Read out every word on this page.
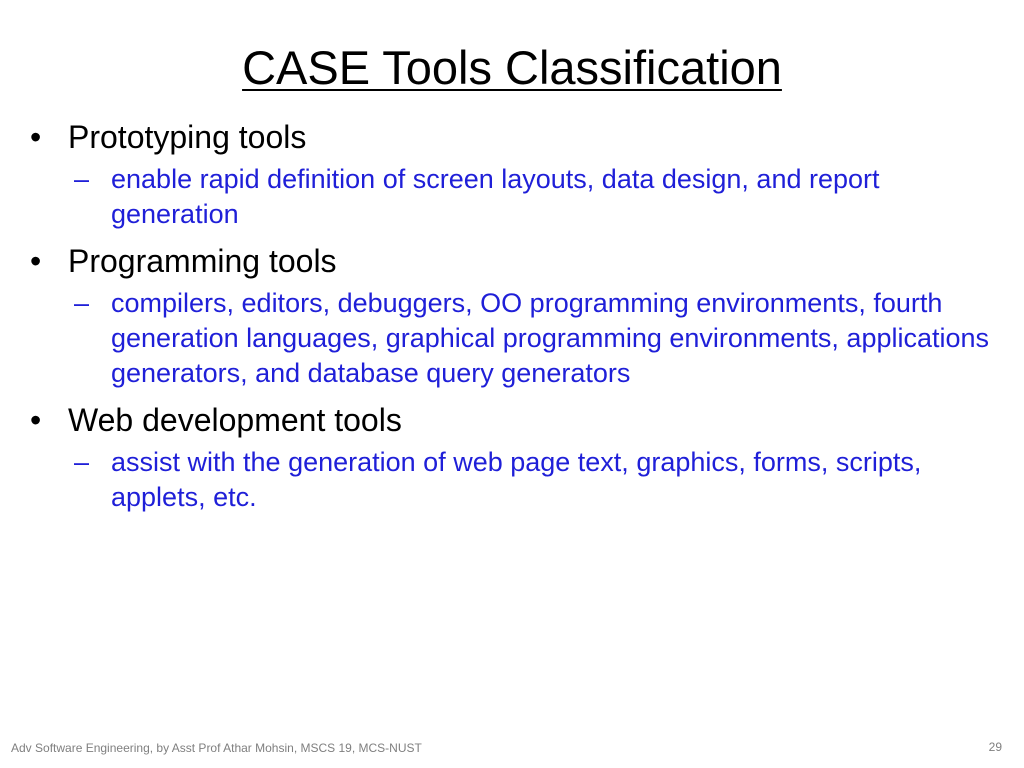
CASE Tools Classification
• Prototyping tools
– enable rapid definition of screen layouts, data design, and report generation
• Programming tools
– compilers, editors, debuggers, OO programming environments, fourth generation languages, graphical programming environments, applications generators, and database query generators
• Web development tools
– assist with the generation of web page text, graphics, forms, scripts, applets, etc.
Adv Software Engineering, by Asst Prof Athar Mohsin, MSCS 19, MCS-NUST	29
